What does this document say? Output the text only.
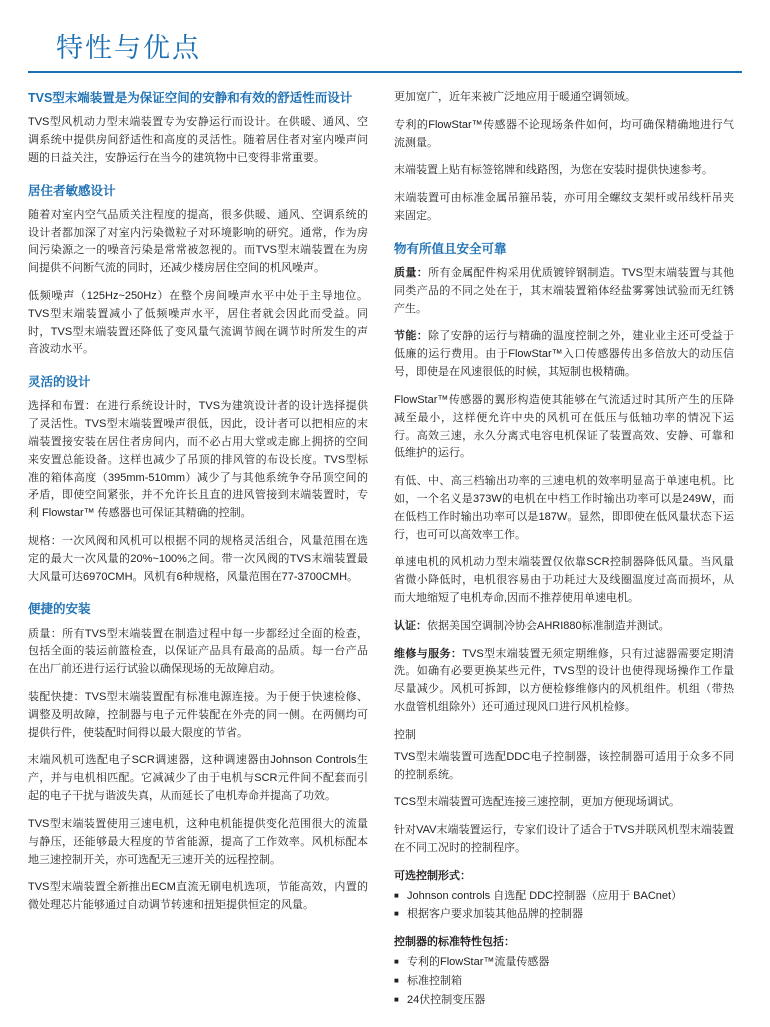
特性与优点
TVS型末端装置是为保证空间的安静和有效的舒适性而设计

TVS型风机动力型末端装置专为安静运行而设计。在供暖、通风、空调系统中提供房间舒适性和高度的灵活性。随着居住者对室内噪声问题的日益关注，安静运行在当今的建筑物中已变得非常重要。

居住者敏感设计

随着对室内空气品质关注程度的提高，很多供暖、通风、空调系统的设计者都加深了对室内污染微粒子对环境影响的研究。通常，作为房间污染源之一的噪音污染是常常被忽视的。而TVS型末端装置在为房间提供不问断气流的同时，还减少楼房居住空间的机风噪声。

低频噪声（125Hz~250Hz）在整个房间噪声水平中处于主导地位。TVS型末端装置减小了低频噪声水平，居住者就会因此而受益。同时，TVS型末端装置还降低了变风量气流调节阀在调节时所发生的声音波动水平。

灵活的设计

选择和布置：在进行系统设计时，TVS为建筑设计者的设计选择提供了灵活性。TVS型末端装置噪声很低，因此，设计者可以把相应的末端装置接安装在居住者房间内，而不必占用大堂或走廊上拥挤的空间来安置总能设备。这样也减少了吊顶的排风管的布设长度。TVS型标准的箱体高度（395mm-510mm）减少了与其他系统争夺吊顶空间的矛盾，即使空间紧张，并不允许长且直的进风管接到末端装置时，专利 Flowstar™ 传感器也可保证其精确的控制。

规格：一次风阀和风机可以根据不同的规格灵活组合，风量范围在选定的最大一次风量的20%~100%之间。带一次风阀的TVS末端装置最大风量可达6970CMH。风机有6种规格，风量范围在77-3700CMH。

便捷的安装

质量：所有TVS型末端装置在制造过程中每一步都经过全面的检查，包括全面的装运前篮检查，以保证产品具有最高的品质。每一台产品在出厂前还进行运行试验以确保现场的无故障启动。

装配快捷：TVS型末端装置配有标准电源连接。为于便于快速检修、调整及明故障，控制器与电子元件装配在外壳的同一侧。在两侧均可提供行件，使装配时间得以最大限度的节省。

末端风机可选配电子SCR调速器，这种调速器由Johnson Controls生产，并与电机相匹配。它减减少了由于电机与SCR元件间不配套而引起的电子干扰与谐波失真，从而延长了电机寿命并提高了功效。

TVS型末端装置使用三速电机，这种电机能提供变化范围很大的流量与静压，还能够最大程度的节省能源，提高了工作效率。风机标配本地三速控制开关，亦可选配无三速开关的远程控制。

TVS型末端装置全新推出ECM直流无刷电机选项，节能高效，内置的微处理芯片能够通过自动调节转速和扭矩提供恒定的风量。

更加宽广，近年来被广泛地应用于暖通空调领域。

专利的FlowStar™传感器不论现场条件如何，均可确保精确地进行气流测量。

末端装置上贴有标签铭牌和线路图，为您在安装时提供快速参考。

末端装置可由标准金属吊箍吊装，亦可用全螺纹支架杆或吊线杆吊夹来固定。

物有所值且安全可靠

质量：所有金属配件构采用优质镀锌钢制造。TVS型末端装置与其他同类产品的不同之处在于，其末端装置箱体经盐雾雾蚀试验而无红锈产生。

节能：除了安静的运行与精确的温度控制之外，建业业主还可受益于低廉的运行费用。由于FlowStar™入口传感器传出多倍放大的动压信号，即使是在风速很低的时候，其短制也极精确。

FlowStar™传感器的翼形构造使其能够在气流适过时其所产生的压降减至最小，这样便允许中央的风机可在低压与低轴功率的情况下运行。高效三速，永久分离式电容电机保证了装置高效、安静、可靠和低维护的运行。

有低、中、高三档输出功率的三速电机的效率明显高于单速电机。比如，一个名义是373W的电机在中档工作时输出功率可以是249W，而在低档工作时输出功率可以是187W。显然，即即使在低风量状态下运行，也可可以高效率工作。

单速电机的风机动力型末端装置仅依靠SCR控制器降低风量。当风量省微小降低时，电机很容易由于功耗过大及线圈温度过高而损坏，从而大地缩短了电机寿命,因而不推荐使用单速电机。

认证：依据美国空调制冷协会AHRI880标准制造并测试。

维修与服务：TVS型末端装置无须定期维修，只有过滤器需要定期清洗。如确有必要更换某些元件，TVS型的设计也使得现场操作工作量尽量减少。风机可拆卸，以方便检修维修内的风机组件。机组（带热水盘管机组除外）还可通过现风口进行风机检修。

控制

TVS型末端装置可选配DDC电子控制器，该控制器可适用于众多不同的控制系统。

TCS型末端装置可选配连接三速控制，更加方便现场调试。

针对VAV末端装置运行，专家们设计了适合于TVS并联风机型末端装置在不同工况时的控制程序。

可选控制形式：
■ Johnson controls 自选配 DDC控制器（应用于 BACnet）
■ 根据客户要求加装其他品牌的控制器
控制器的标准特性包括：
■ 专利的FlowStar™流量传感器
■ 标准控制箱
■ 24伏控制变压器
